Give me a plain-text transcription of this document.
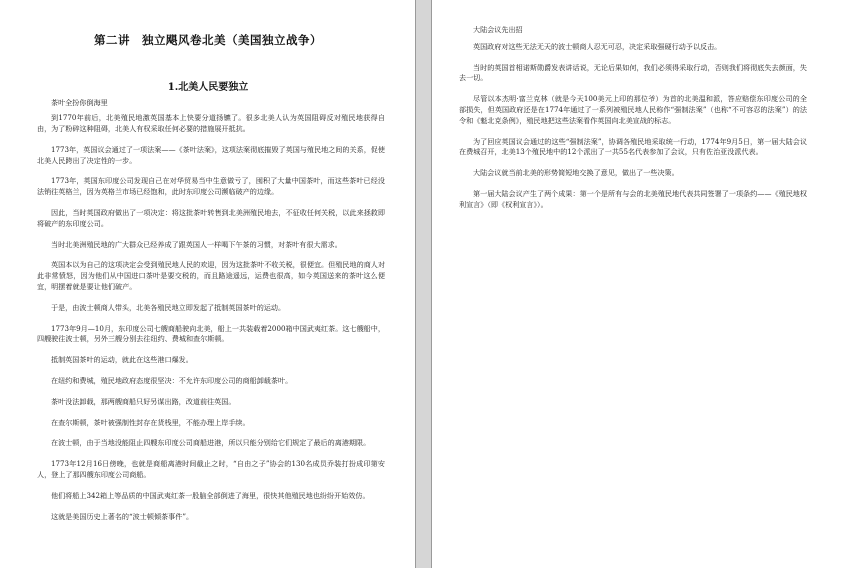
第二讲　独立飓风卷北美（美国独立战争）
1.北美人民要独立

茶叶全扮你倒海里

到1770年前后，北美殖民地激英国基本上快要分道扬镳了。很多北美人认为英国阻碍反对殖民地获得自由，为了粉碎这种阻碍，北美人有权采取任何必要的措施展开抵抗。

1773年，英国议会通过了一项法案——《茶叶法案》，这项法案彻底摧毁了英国与殖民地之间的关系，促使北美人民跨出了决定性的一步。

1773年，英国东印度公司发现自己在对华贸易当中生意做亏了，囤积了大量中国茶叶，而这些茶叶已经没法销往英格兰，因为英格兰市场已经饱和，此时东印度公司濒临破产的边缘。

因此，当时英国政府做出了一项决定：将这批茶叶转售到北美洲殖民地去，不征收任何关税，以此来拯救即将破产的东印度公司。

当时北美洲殖民地的广大群众已经养成了跟英国人一样喝下午茶的习惯，对茶叶有很大需求。

英国本以为自己的这项决定会受到殖民地人民的欢迎，因为这批茶叶不收关税，很便宜。但殖民地的商人对此非常愤怒，因为他们从中国进口茶叶是要交税的，而且路途遥远，运费也很高，如今英国送来的茶叶这么便宜，明摆着就是要让他们破产。

于是，由波士顿商人带头，北美各殖民地立即发起了抵制英国茶叶的运动。

1773年9月—10月，东印度公司七艘商船驶向北美，船上一共装载着2000箱中国武夷红茶。这七艘船中，四艘驶往波士顿，另外三艘分别去往纽约、费城和查尔斯顿。

抵制英国茶叶的运动，就此在这些港口爆发。

在纽约和费城，殖民地政府态度很坚决：不允许东印度公司的商船卸载茶叶。

茶叶没法卸载，那两艘商船只好另谋出路，改道前往英国。

在查尔斯顿，茶叶被强制性封存在货栈里，不能办理上岸手续。

在波士顿，由于当地没能阻止四艘东印度公司商船进港，所以只能分别给它们规定了最后的离港期限。

1773年12月16日傍晚，也就是商船离港时间截止之时，“自由之子”协会的130名成员乔装打扮成印第安人，登上了那四艘东印度公司商船。

他们将船上342箱上等品质的中国武夷红茶一股脑全部倒进了海里，很快其他殖民地也纷纷开始效仿。

这就是美国历史上著名的“波士顿倾茶事件”。

大陆会议先出招

英国政府对这些无法无天的波士顿商人忍无可忍，决定采取强硬行动予以反击。

当时的英国首相诺斯勋爵发表讲话说，无论后果如何，我们必须得采取行动，否则我们将彻底失去颜面，失去一切。

尽管以本杰明·富兰克林（就是今天100美元上印的那位爷）为首的北美温和派，答应赔偿东印度公司的全部损失，但英国政府还是在1774年通过了一系列被殖民地人民称作“强制法案”（也称“不可容忍的法案”）的法令和《魁北克条例》，殖民地把这些法案看作英国向北美宣战的标志。

为了回应英国议会通过的这些“强制法案”，协调各殖民地采取统一行动，1774年9月5日，第一届大陆会议在费城召开，北美13个殖民地中的12个派出了一共55名代表参加了会议，只有佐治亚没派代表。

大陆会议就当前北美的形势简短地交换了意见，做出了一些决策。

第一届大陆会议产生了两个成果：第一个是所有与会的北美殖民地代表共同签署了一项条约——《殖民地权利宣言》（即《权利宣言》）。
